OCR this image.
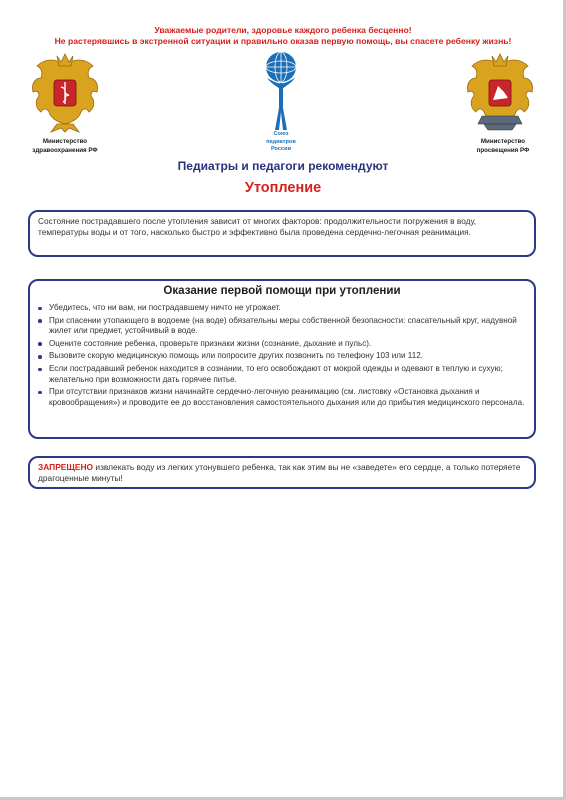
Уважаемые родители, здоровье каждого ребенка бесценно!
Не растерявшись в экстренной ситуации и правильно оказав первую помощь, вы спасете ребенку жизнь!
Министерство
здравоохранения РФ
Союз
педиатров
России
Министерство
просвещения РФ
Педиатры и педагоги рекомендуют
Утопление
Состояние пострадавшего после утопления зависит от многих факторов: продолжительности погружения в воду, температуры воды и от того, насколько быстро и эффективно была проведена сердечно-легочная реанимация.
Оказание первой помощи при утоплении
Убедитесь, что ни вам, ни пострадавшему ничто не угрожает.
При спасении утопающего в водоеме (на воде) обязательны меры собственной безопасности: спасательный круг, надувной жилет или предмет, устойчивый в воде.
Оцените состояние ребенка, проверьте признаки жизни (сознание, дыхание и пульс).
Вызовите скорую медицинскую помощь или попросите других позвонить по телефону 103 или 112.
Если пострадавший ребенок находится в сознании, то его освобождают от мокрой одежды и одевают в теплую и сухую; желательно при возможности дать горячее питье.
При отсутствии признаков жизни начинайте сердечно-легочную реанимацию (см. листовку «Остановка дыхания и кровообращения») и проводите ее до восстановления самостоятельного дыхания или до прибытия медицинского персонала.
ЗАПРЕЩЕНО извлекать воду из легких утонувшего ребенка, так как этим вы не «заведете» его сердце, а только потеряете драгоценные минуты!
